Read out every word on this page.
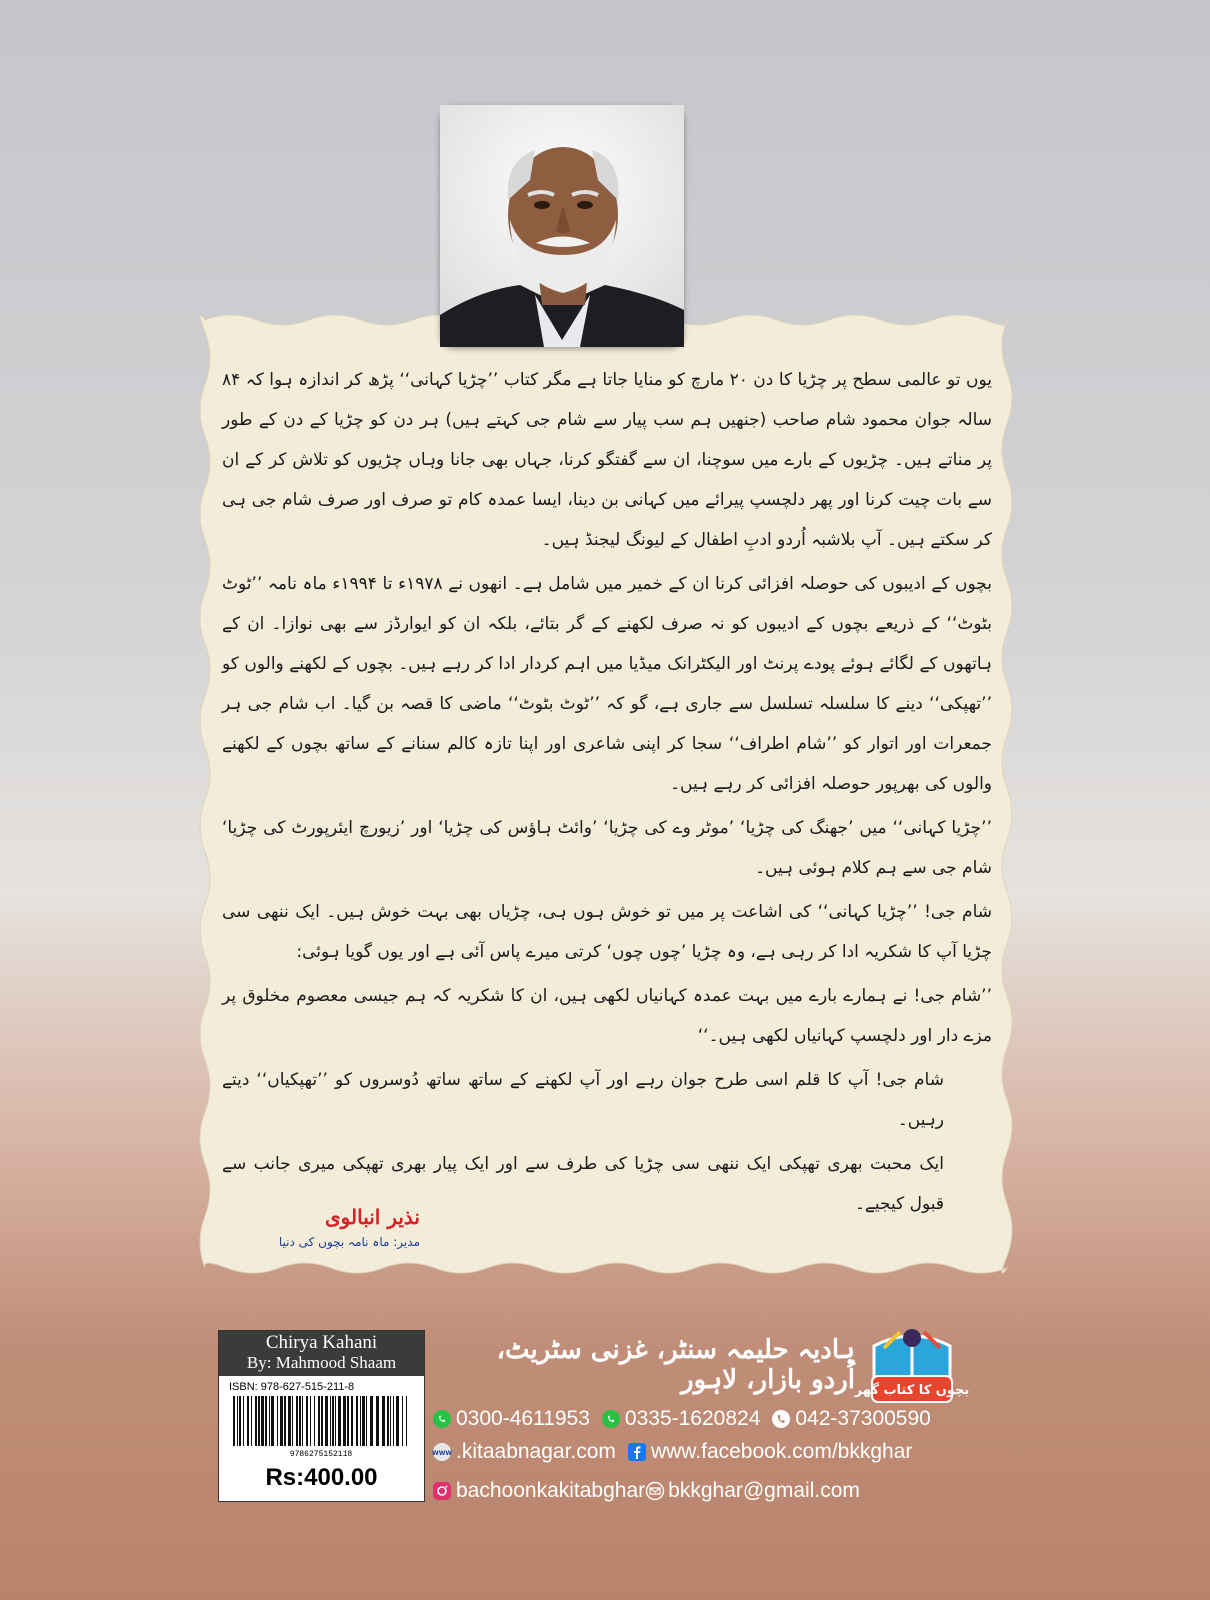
یوں تو عالمی سطح پر چڑیا کا دن ۲۰ مارچ کو منایا جاتا ہے مگر کتاب ’’چڑیا کہانی‘‘ پڑھ کر اندازہ ہوا کہ ۸۴ سالہ جوان محمود شام صاحب (جنھیں ہم سب پیار سے شام جی کہتے ہیں) ہر دن کو چڑیا کے دن کے طور پر مناتے ہیں۔ چڑیوں کے بارے میں سوچنا، ان سے گفتگو کرنا، جہاں بھی جانا وہاں چڑیوں کو تلاش کر کے ان سے بات چیت کرنا اور پھر دلچسپ پیرائے میں کہانی بن دینا، ایسا عمدہ کام تو صرف اور صرف شام جی ہی کر سکتے ہیں۔ آپ بلاشبہ اُردو ادبِ اطفال کے لیونگ لیجنڈ ہیں۔

بچوں کے ادیبوں کی حوصلہ افزائی کرنا ان کے خمیر میں شامل ہے۔ انھوں نے ۱۹۷۸ء تا ۱۹۹۴ء ماہ نامہ ’’ٹوٹ بٹوٹ‘‘ کے ذریعے بچوں کے ادیبوں کو نہ صرف لکھنے کے گر بتائے، بلکہ ان کو ایوارڈز سے بھی نوازا۔ ان کے ہاتھوں کے لگائے ہوئے پودے پرنٹ اور الیکٹرانک میڈیا میں اہم کردار ادا کر رہے ہیں۔ بچوں کے لکھنے والوں کو ’’تھپکی‘‘ دینے کا سلسلہ تسلسل سے جاری ہے، گو کہ ’’ٹوٹ بٹوٹ‘‘ ماضی کا قصہ بن گیا۔ اب شام جی ہر جمعرات اور اتوار کو ’’شام اطراف‘‘ سجا کر اپنی شاعری اور اپنا تازہ کالم سنانے کے ساتھ بچوں کے لکھنے والوں کی بھرپور حوصلہ افزائی کر رہے ہیں۔

’’چڑیا کہانی‘‘ میں ’جھنگ کی چڑیا‘ ’موٹر وے کی چڑیا‘ ’وائٹ ہاؤس کی چڑیا‘ اور ’زیورچ ایئرپورٹ کی چڑیا‘ شام جی سے ہم کلام ہوئی ہیں۔

شام جی! ’’چڑیا کہانی‘‘ کی اشاعت پر میں تو خوش ہوں ہی، چڑیاں بھی بہت خوش ہیں۔ ایک ننھی سی چڑیا آپ کا شکریہ ادا کر رہی ہے، وہ چڑیا ’چوں چوں‘ کرتی میرے پاس آئی ہے اور یوں گویا ہوئی:

’’شام جی! نے ہمارے بارے میں بہت عمدہ کہانیاں لکھی ہیں، ان کا شکریہ کہ ہم جیسی معصوم مخلوق پر مزے دار اور دلچسپ کہانیاں لکھی ہیں۔‘‘

شام جی! آپ کا قلم اسی طرح جوان رہے اور آپ لکھنے کے ساتھ ساتھ دُوسروں کو ’’تھپکیاں‘‘ دیتے رہیں۔

ایک محبت بھری تھپکی ایک ننھی سی چڑیا کی طرف سے اور ایک پیار بھری تھپکی میری جانب سے قبول کیجیے۔

نذیر انبالوی
مدیر: ماہ نامہ بچوں کی دنیا
Chirya Kahani
By: Mahmood Shaam
ISBN: 978-627-515-211-8
9786275152118
Rs:400.00
بچوں کا کتاب گھر
ہادیہ حلیمہ سنٹر، غزنی سٹریٹ، اُردو بازار، لاہور
0300-4611953 0335-1620824 042-37300590
WWW .kitaabnagar.com www.facebook.com/bkkghar
bachoonkakitabghar bkkghar@gmail.com
